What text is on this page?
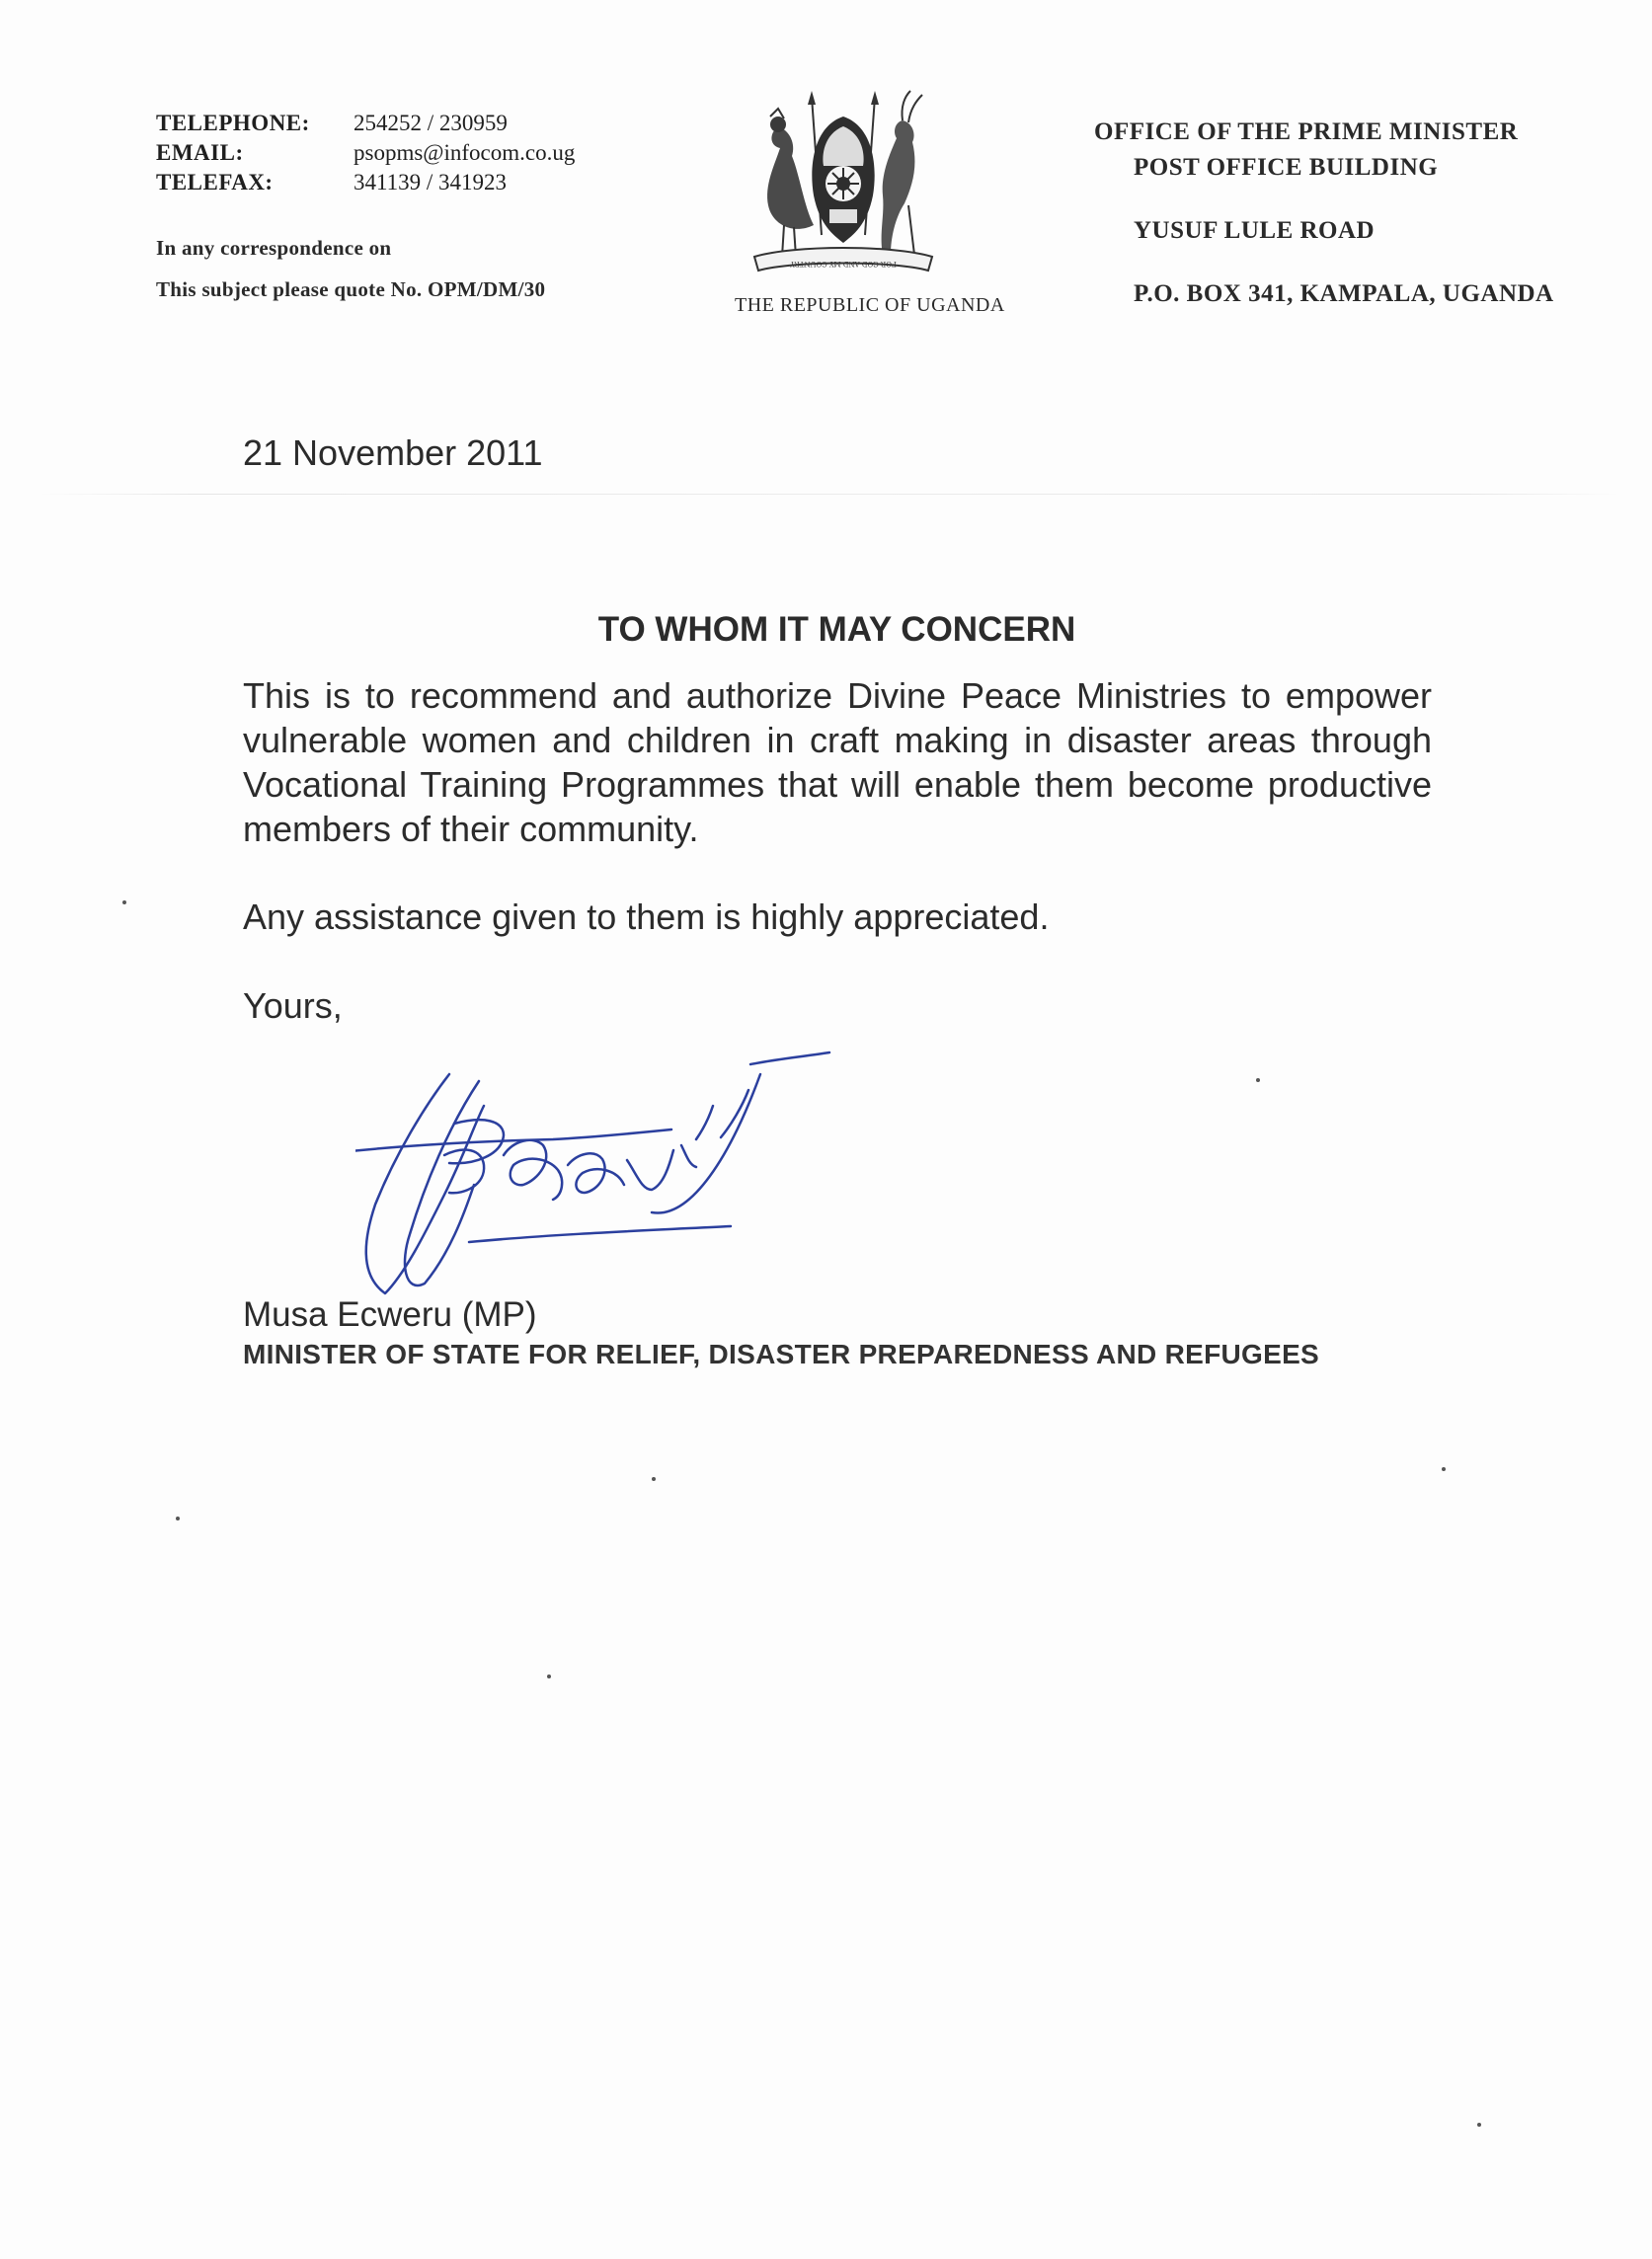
TELEPHONE:	254252 / 230959
EMAIL:	psopms@infocom.co.ug
TELEFAX:	341139 / 341923
In any correspondence on
This subject please quote No. OPM/DM/30
FOR GOD AND MY COUNTRY
THE REPUBLIC OF UGANDA
OFFICE OF THE PRIME MINISTER
POST OFFICE BUILDING
YUSUF LULE ROAD
P.O. BOX 341, KAMPALA, UGANDA
21 November 2011
TO WHOM IT MAY CONCERN
This is to recommend and authorize Divine Peace Ministries to empower vulnerable women and children in craft making in disaster areas through Vocational Training Programmes that will enable them become productive members of their community.
Any assistance given to them is highly appreciated.
Yours,
Musa Ecweru (MP)
MINISTER OF STATE FOR RELIEF, DISASTER PREPAREDNESS AND REFUGEES
